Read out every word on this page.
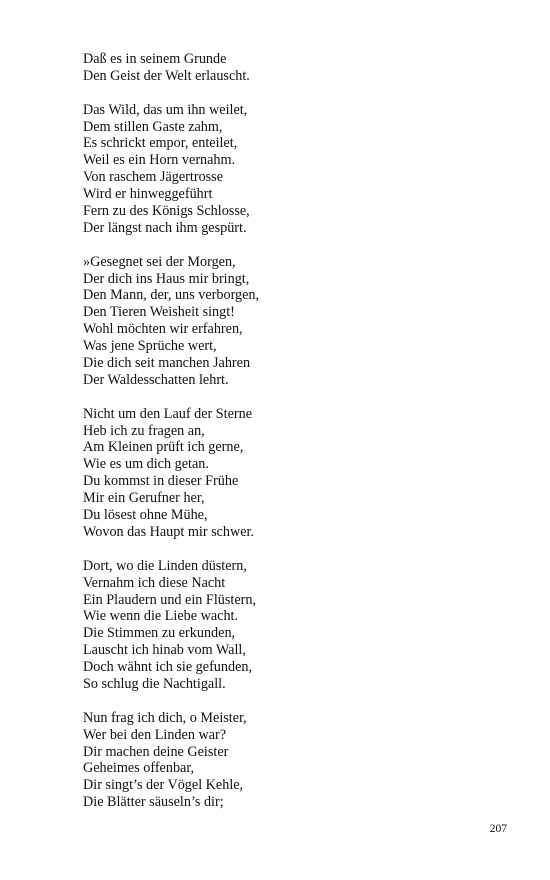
Daß es in seinem Grunde
Den Geist der Welt erlauscht.
Das Wild, das um ihn weilet,
Dem stillen Gaste zahm,
Es schrickt empor, enteilet,
Weil es ein Horn vernahm.
Von raschem Jägertrosse
Wird er hinweggeführt
Fern zu des Königs Schlosse,
Der längst nach ihm gespürt.
»Gesegnet sei der Morgen,
Der dich ins Haus mir bringt,
Den Mann, der, uns verborgen,
Den Tieren Weisheit singt!
Wohl möchten wir erfahren,
Was jene Sprüche wert,
Die dich seit manchen Jahren
Der Waldesschatten lehrt.
Nicht um den Lauf der Sterne
Heb ich zu fragen an,
Am Kleinen prüft ich gerne,
Wie es um dich getan.
Du kommst in dieser Frühe
Mir ein Gerufner her,
Du lösest ohne Mühe,
Wovon das Haupt mir schwer.
Dort, wo die Linden düstern,
Vernahm ich diese Nacht
Ein Plaudern und ein Flüstern,
Wie wenn die Liebe wacht.
Die Stimmen zu erkunden,
Lauscht ich hinab vom Wall,
Doch wähnt ich sie gefunden,
So schlug die Nachtigall.
Nun frag ich dich, o Meister,
Wer bei den Linden war?
Dir machen deine Geister
Geheimes offenbar,
Dir singt’s der Vögel Kehle,
Die Blätter säuseln’s dir;
207
